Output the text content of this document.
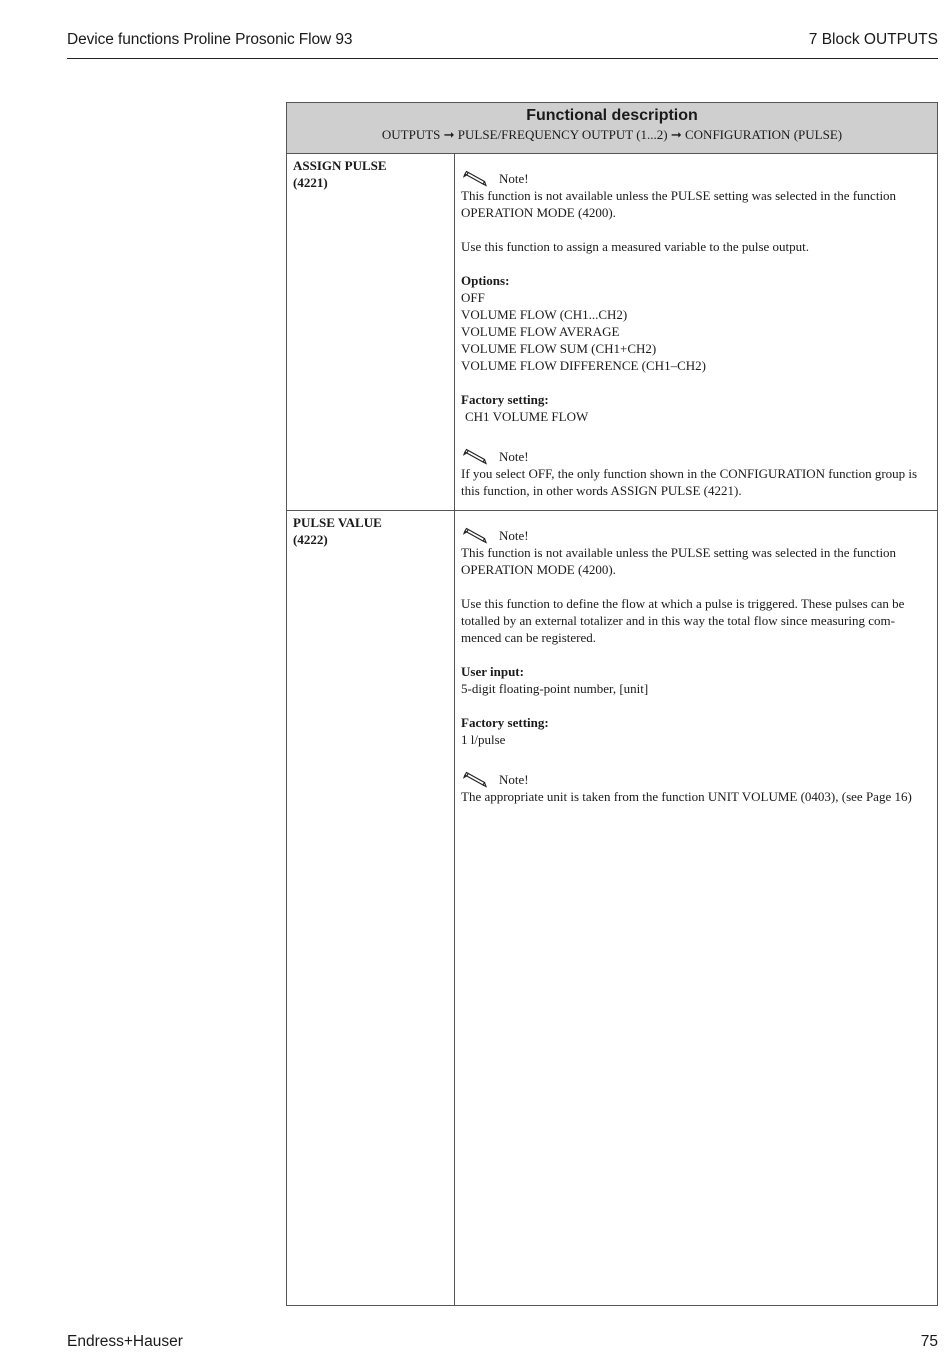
Device functions Proline Prosonic Flow 93	7 Block OUTPUTS
Functional description
OUTPUTS ➞ PULSE/FREQUENCY OUTPUT (1...2) ➞ CONFIGURATION (PULSE)
ASSIGN PULSE
(4221)	Note!
This function is not available unless the PULSE setting was selected in the function
OPERATION MODE (4200).
Use this function to assign a measured variable to the pulse output.
Options:
OFF
VOLUME FLOW (CH1...CH2)
VOLUME FLOW AVERAGE
VOLUME FLOW SUM (CH1+CH2)
VOLUME FLOW DIFFERENCE (CH1–CH2)
Factory setting:
CH1 VOLUME FLOW
Note!
If you select OFF, the only function shown in the CONFIGURATION function group is
this function, in other words ASSIGN PULSE (4221).
PULSE VALUE
(4222)	Note!
This function is not available unless the PULSE setting was selected in the function
OPERATION MODE (4200).
Use this function to define the flow at which a pulse is triggered. These pulses can be
totalled by an external totalizer and in this way the total flow since measuring com-
menced can be registered.
User input:
5-digit floating-point number, [unit]
Factory setting:
1 l/pulse
Note!
The appropriate unit is taken from the function UNIT VOLUME (0403), (see Page 16)
Endress+Hauser	75
